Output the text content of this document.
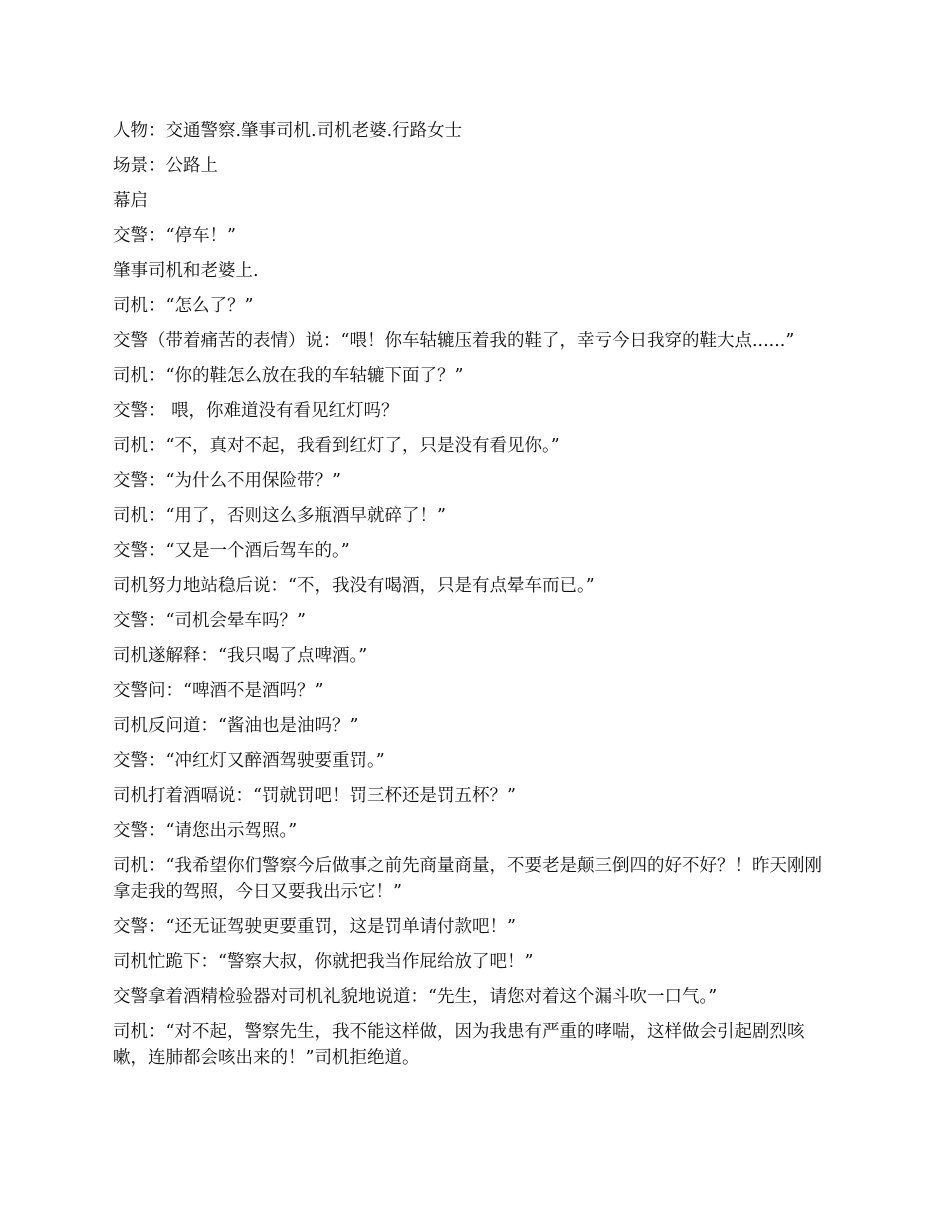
人物：交通警察.肇事司机.司机老婆.行路女士

场景：公路上

幕启

交警：“停车！”

肇事司机和老婆上.

司机：“怎么了？”

交警（带着痛苦的表情）说：“喂！你车轱辘压着我的鞋了，幸亏今日我穿的鞋大点......”

司机：“你的鞋怎么放在我的车轱辘下面了？”

交警： 喂，你难道没有看见红灯吗？

司机：“不，真对不起，我看到红灯了，只是没有看见你。”

交警：“为什么不用保险带？”

司机：“用了，否则这么多瓶酒早就碎了！”

交警：“又是一个酒后驾车的。”

司机努力地站稳后说：“不，我没有喝酒，只是有点晕车而已。”

交警：“司机会晕车吗？”

司机遂解释：“我只喝了点啤酒。”

交警问：“啤酒不是酒吗？”

司机反问道：“酱油也是油吗？”

交警：“冲红灯又醉酒驾驶要重罚。”

司机打着酒嗝说：“罚就罚吧！罚三杯还是罚五杯？”

交警：“请您出示驾照。”

司机：“我希望你们警察今后做事之前先商量商量，不要老是颠三倒四的好不好？！昨天刚刚拿走我的驾照，今日又要我出示它！”

交警：“还无证驾驶更要重罚，这是罚单请付款吧！”

司机忙跪下：“警察大叔，你就把我当作屁给放了吧！”

交警拿着酒精检验器对司机礼貌地说道：“先生，请您对着这个漏斗吹一口气。”

司机：“对不起，警察先生，我不能这样做，因为我患有严重的哮喘，这样做会引起剧烈咳嗽，连肺都会咳出来的！”司机拒绝道。
